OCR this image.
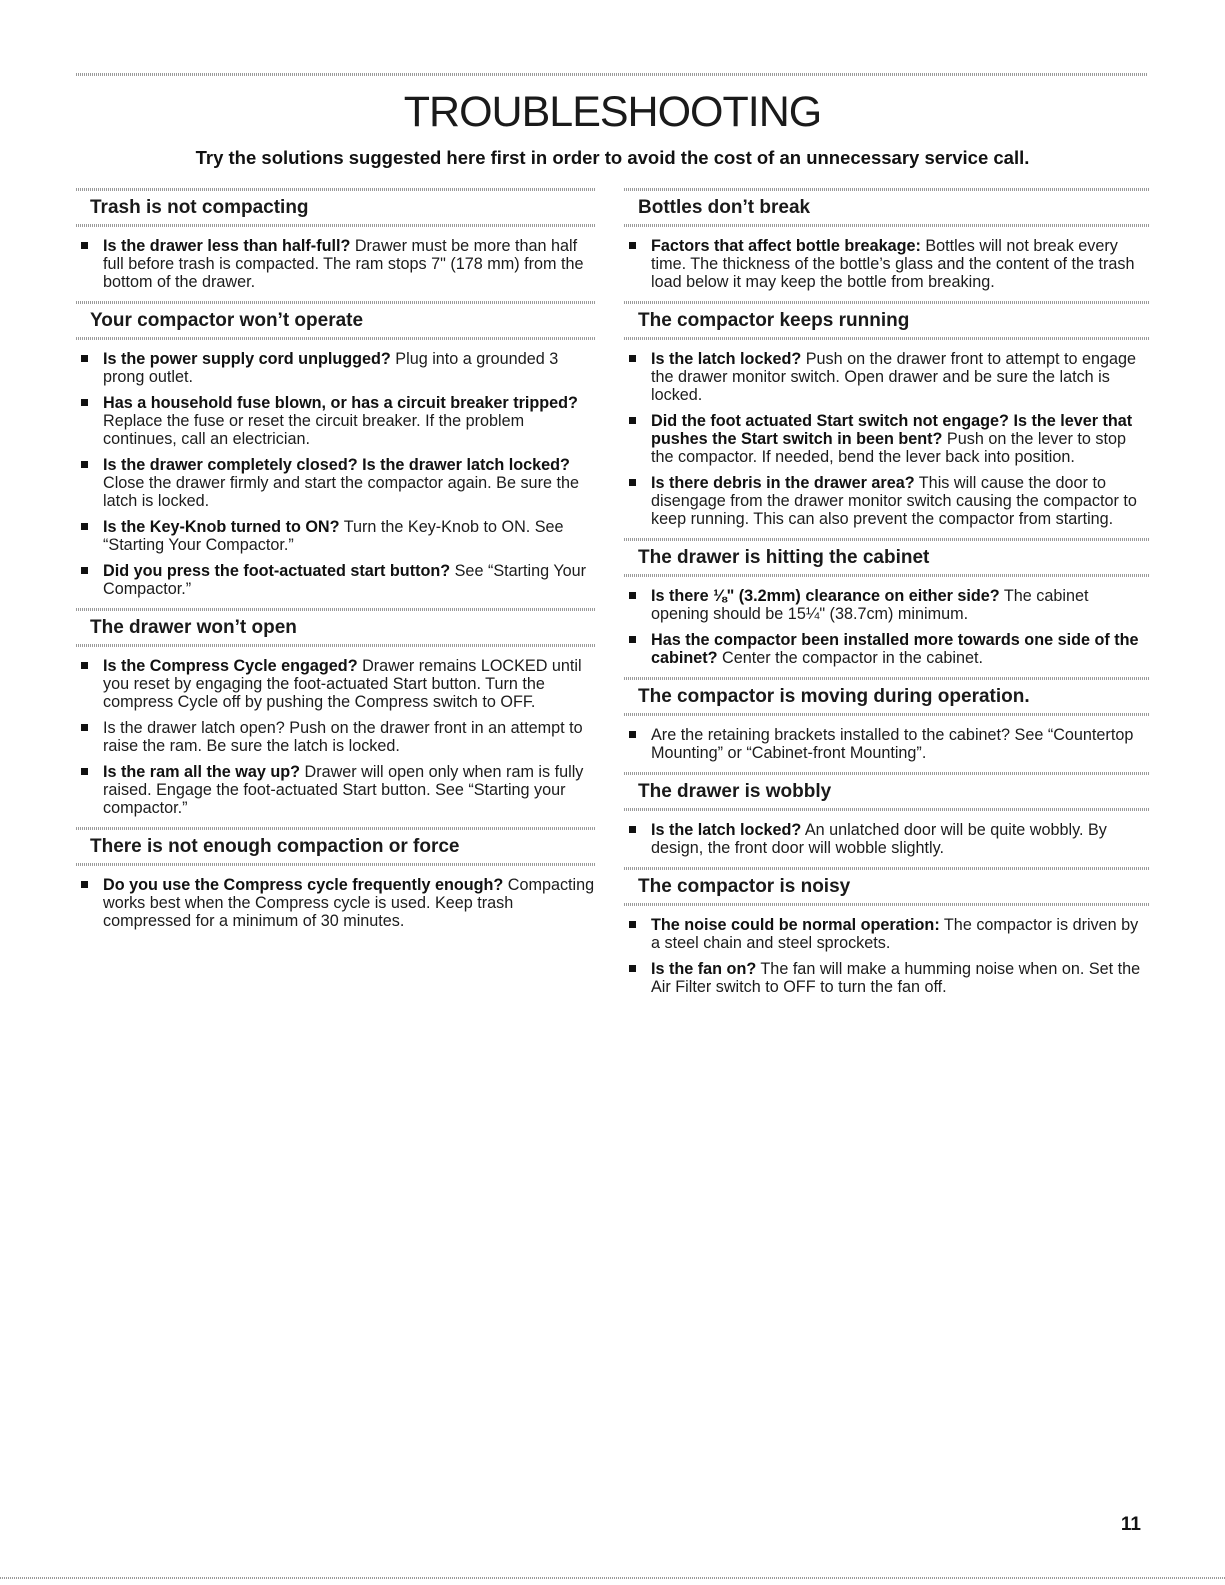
TROUBLESHOOTING

Try the solutions suggested here first in order to avoid the cost of an unnecessary service call.

Trash is not compacting
Is the drawer less than half-full? Drawer must be more than half full before trash is compacted. The ram stops 7" (178 mm) from the bottom of the drawer.
Your compactor won’t operate
Is the power supply cord unplugged? Plug into a grounded 3 prong outlet.
Has a household fuse blown, or has a circuit breaker tripped? Replace the fuse or reset the circuit breaker. If the problem continues, call an electrician.
Is the drawer completely closed? Is the drawer latch locked? Close the drawer firmly and start the compactor again. Be sure the latch is locked.
Is the Key-Knob turned to ON? Turn the Key-Knob to ON. See “Starting Your Compactor.”
Did you press the foot-actuated start button? See “Starting Your Compactor.”
The drawer won’t open
Is the Compress Cycle engaged? Drawer remains LOCKED until you reset by engaging the foot-actuated Start button. Turn the compress Cycle off by pushing the Compress switch to OFF.
Is the drawer latch open? Push on the drawer front in an attempt to raise the ram. Be sure the latch is locked.
Is the ram all the way up? Drawer will open only when ram is fully raised. Engage the foot-actuated Start button. See “Starting your compactor.”
There is not enough compaction or force
Do you use the Compress cycle frequently enough? Compacting works best when the Compress cycle is used. Keep trash compressed for a minimum of 30 minutes.
Bottles don’t break
Factors that affect bottle breakage: Bottles will not break every time. The thickness of the bottle’s glass and the content of the trash load below it may keep the bottle from breaking.
The compactor keeps running
Is the latch locked? Push on the drawer front to attempt to engage the drawer monitor switch. Open drawer and be sure the latch is locked.
Did the foot actuated Start switch not engage? Is the lever that pushes the Start switch in been bent? Push on the lever to stop the compactor. If needed, bend the lever back into position.
Is there debris in the drawer area? This will cause the door to disengage from the drawer monitor switch causing the compactor to keep running. This can also prevent the compactor from starting.
The drawer is hitting the cabinet
Is there ⅛" (3.2mm) clearance on either side? The cabinet opening should be 15¼" (38.7cm) minimum.
Has the compactor been installed more towards one side of the cabinet? Center the compactor in the cabinet.
The compactor is moving during operation.
Are the retaining brackets installed to the cabinet? See “Countertop Mounting” or “Cabinet-front Mounting”.
The drawer is wobbly
Is the latch locked? An unlatched door will be quite wobbly. By design, the front door will wobble slightly.
The compactor is noisy
The noise could be normal operation: The compactor is driven by a steel chain and steel sprockets.
Is the fan on? The fan will make a humming noise when on. Set the Air Filter switch to OFF to turn the fan off.
11
